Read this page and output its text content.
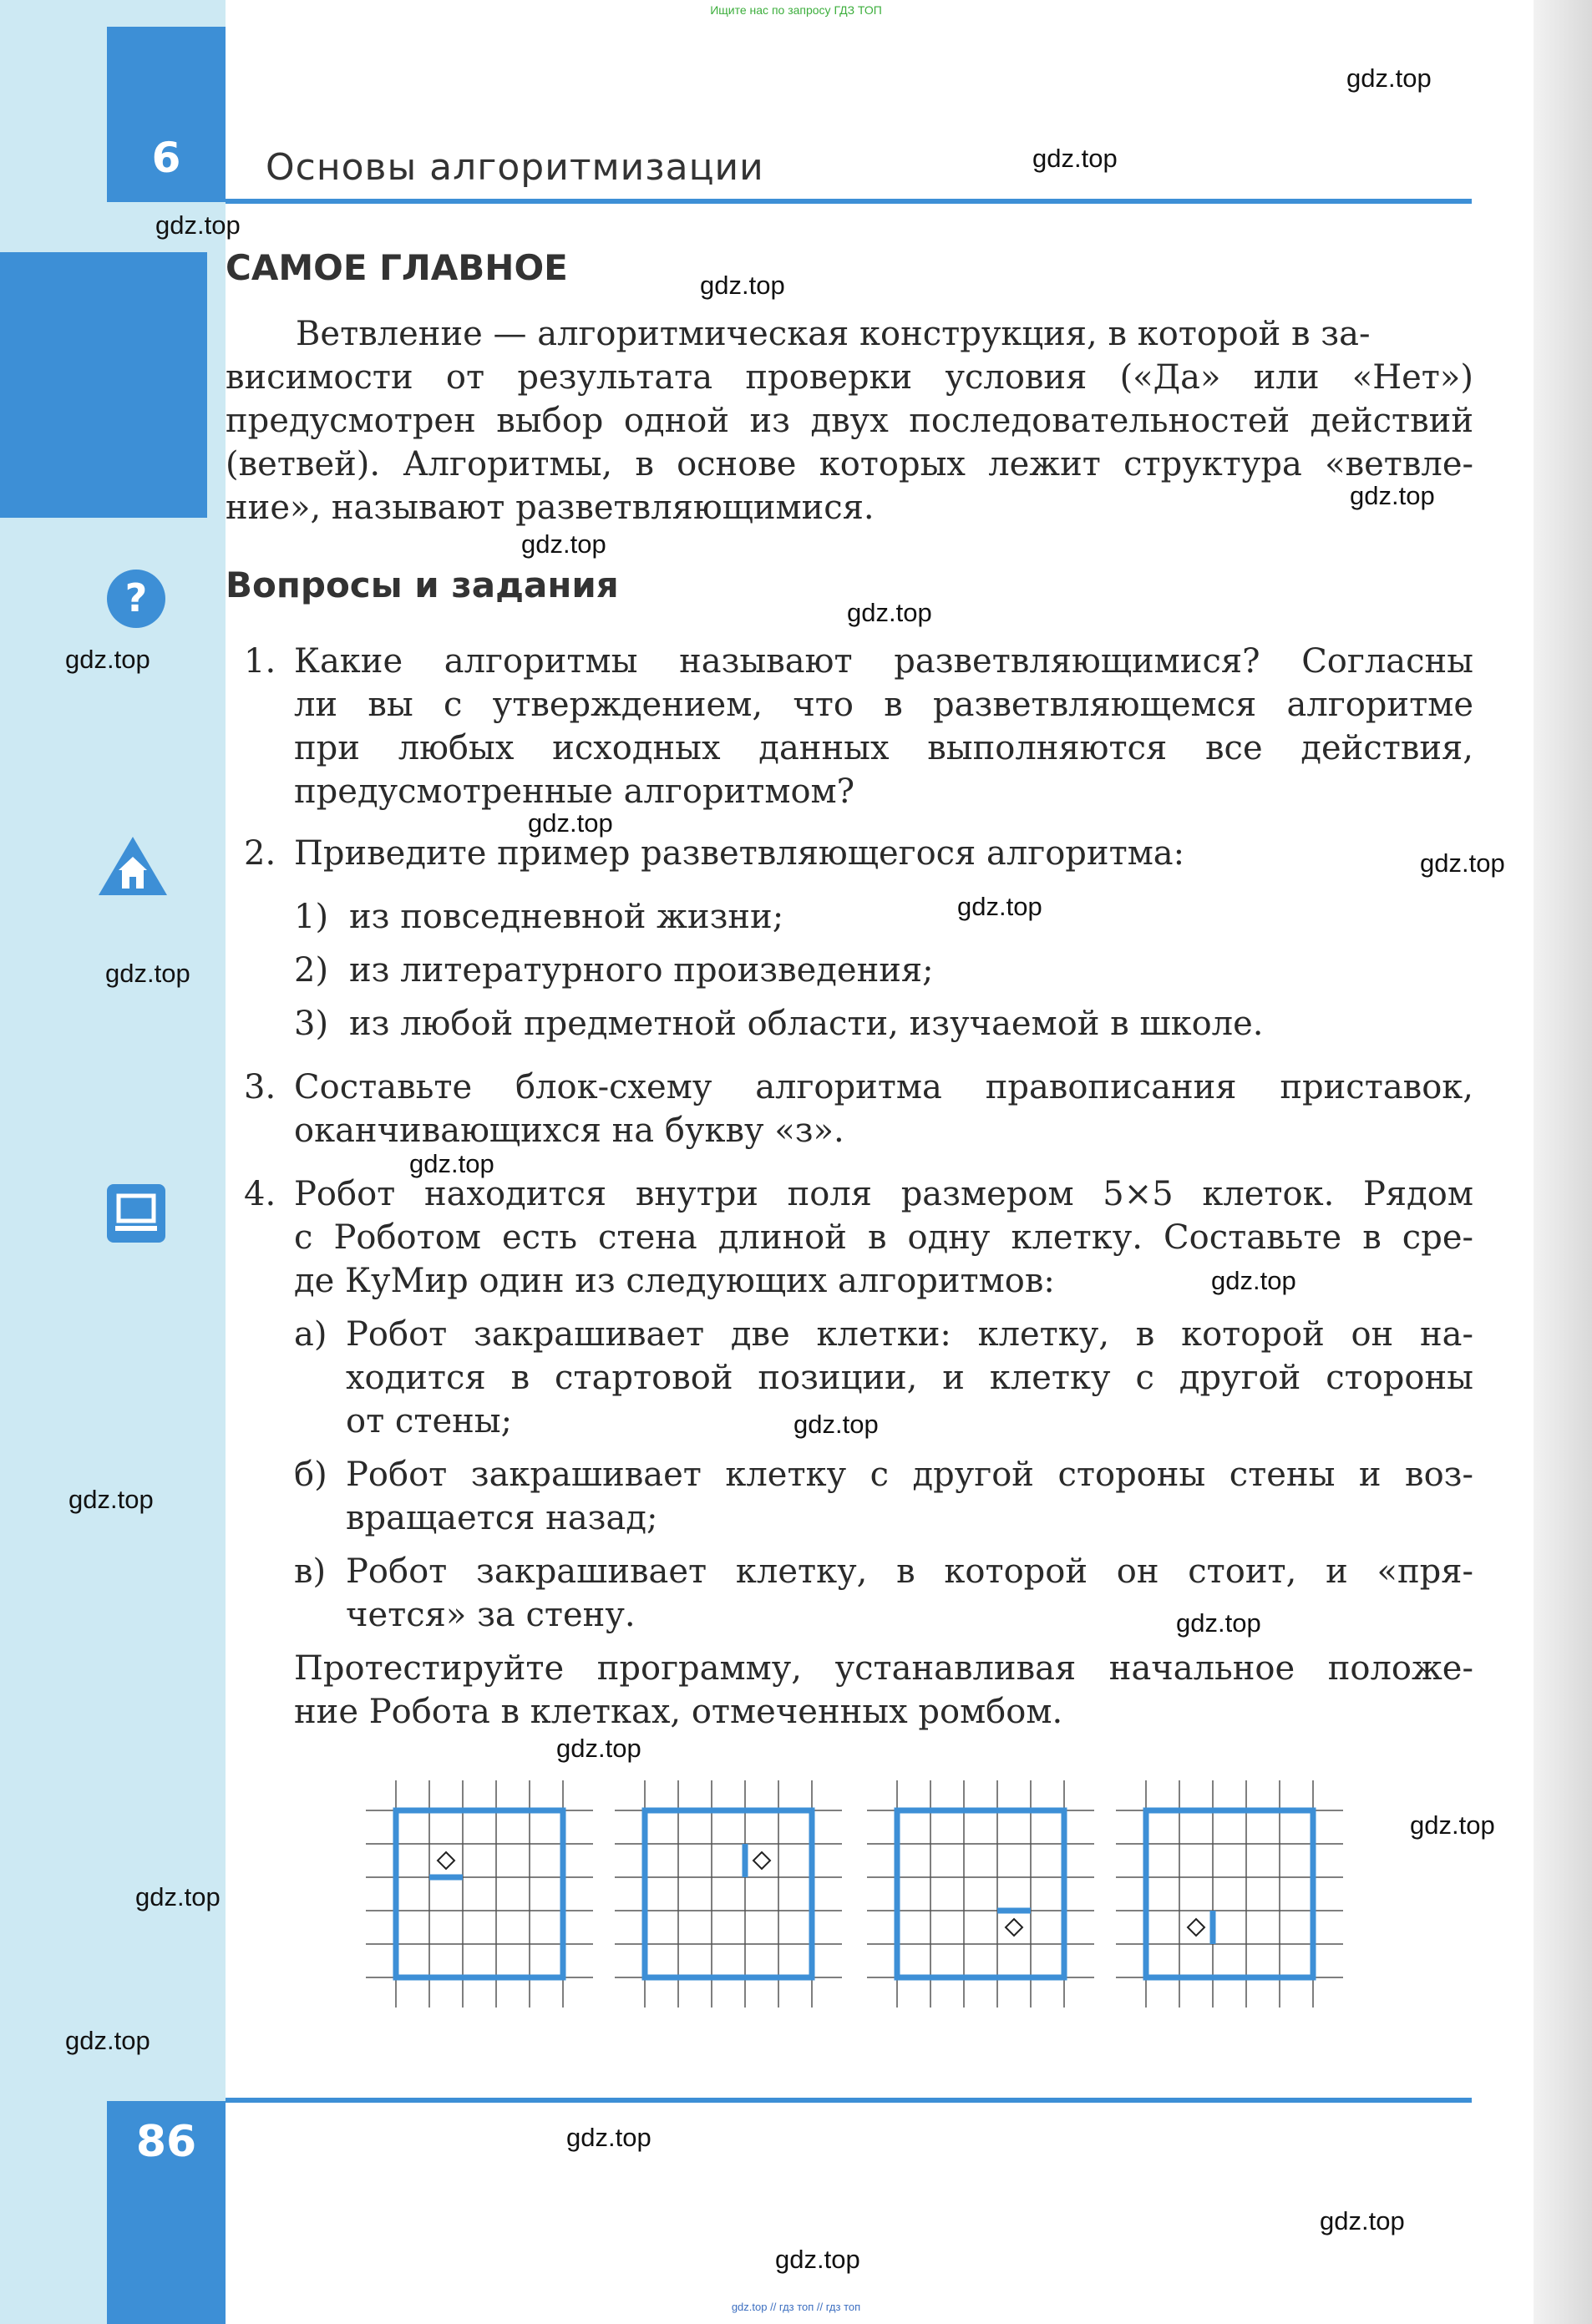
Ищите нас по запросу ГДЗ ТОП
6	Основы алгоритмизации
САМОЕ ГЛАВНОЕ
Ветвление — алгоритмическая конструкция, в которой в за-
висимости от результата проверки условия («Да» или «Нет»)
предусмотрен выбор одной из двух последовательностей действий
(ветвей). Алгоритмы, в основе которых лежит структура «ветвле-
ние», называют разветвляющимися.
Вопросы и задания
?
1. Какие алгоритмы называют разветвляющимися? Согласны
ли вы с утверждением, что в разветвляющемся алгоритме
при любых исходных данных выполняются все действия,
предусмотренные алгоритмом?
2. Приведите пример разветвляющегося алгоритма:
1) из повседневной жизни;
2) из литературного произведения;
3) из любой предметной области, изучаемой в школе.
3. Составьте блок-схему алгоритма правописания приставок,
оканчивающихся на букву «з».
4. Робот находится внутри поля размером 5×5 клеток. Рядом
с Роботом есть стена длиной в одну клетку. Составьте в сре-
де КуМир один из следующих алгоритмов:
а) Робот закрашивает две клетки: клетку, в которой он на-
ходится в стартовой позиции, и клетку с другой стороны
от стены;
б) Робот закрашивает клетку с другой стороны стены и воз-
вращается назад;
в) Робот закрашивает клетку, в которой он стоит, и «пря-
чется» за стену.
Протестируйте программу, устанавливая начальное положе-
ние Робота в клетках, отмеченных ромбом.
86
gdz.top
gdz.top
gdz.top
gdz.top
gdz.top
gdz.top
gdz.top
gdz.top
gdz.top
gdz.top
gdz.top
gdz.top
gdz.top
gdz.top
gdz.top
gdz.top
gdz.top
gdz.top
gdz.top
gdz.top
gdz.top
gdz.top
gdz.top
gdz.top
gdz.top // гдз топ // гдз топ
